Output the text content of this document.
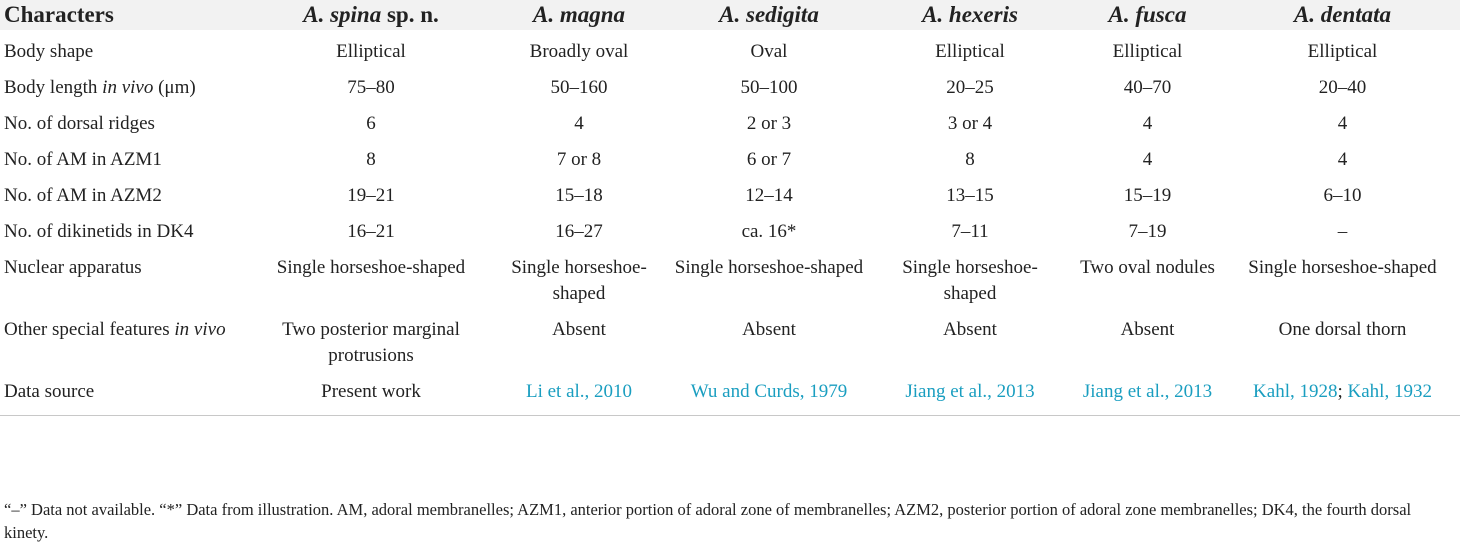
Characters	A. spina sp. n.	A. magna	A. sedigita	A. hexeris	A. fusca	A. dentata
Body shape	Elliptical	Broadly oval	Oval	Elliptical	Elliptical	Elliptical
Body length in vivo (μm)	75–80	50–160	50–100	20–25	40–70	20–40
No. of dorsal ridges	6	4	2 or 3	3 or 4	4	4
No. of AM in AZM1	8	7 or 8	6 or 7	8	4	4
No. of AM in AZM2	19–21	15–18	12–14	13–15	15–19	6–10
No. of dikinetids in DK4	16–21	16–27	ca. 16*	7–11	7–19	–
Nuclear apparatus	Single horseshoe-shaped	Single horseshoe-shaped	Single horseshoe-shaped	Single horseshoe-shaped	Two oval nodules	Single horseshoe-shaped
Other special features in vivo	Two posterior marginal protrusions	Absent	Absent	Absent	Absent	One dorsal thorn
Data source	Present work	Li et al., 2010	Wu and Curds, 1979	Jiang et al., 2013	Jiang et al., 2013	Kahl, 1928; Kahl, 1932
“–” Data not available. “*” Data from illustration. AM, adoral membranelles; AZM1, anterior portion of adoral zone of membranelles; AZM2, posterior portion of adoral zone membranelles; DK4, the fourth dorsal kinety.
